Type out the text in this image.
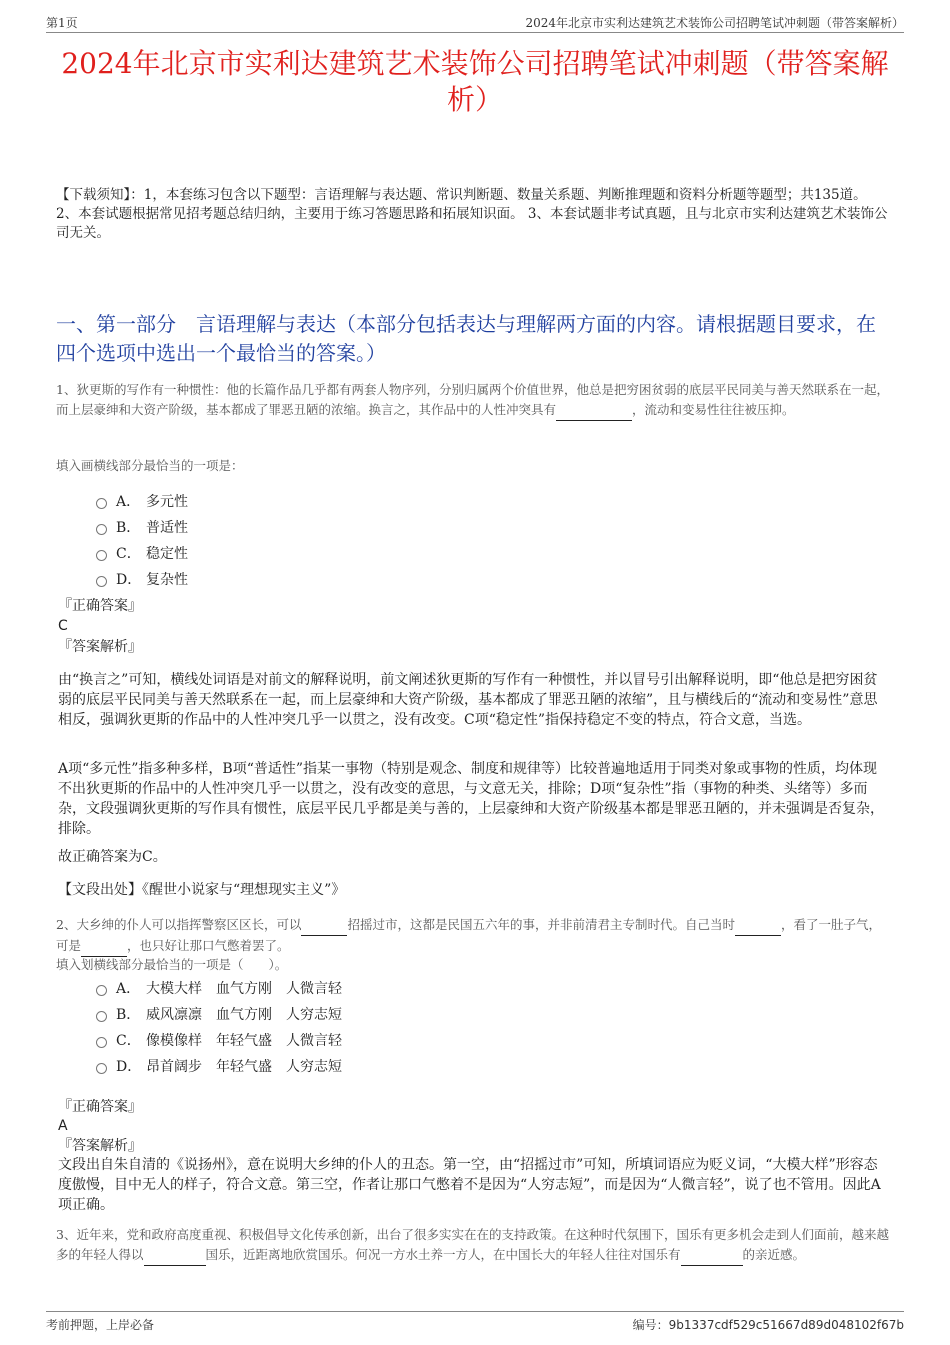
第1页	2024年北京市实利达建筑艺术装饰公司招聘笔试冲刺题（带答案解析）
2024年北京市实利达建筑艺术装饰公司招聘笔试冲刺题（带答案解析）
【下载须知】：1，本套练习包含以下题型：言语理解与表达题、常识判断题、数量关系题、判断推理题和资料分析题等题型；共135道。 2、本套试题根据常见招考题总结归纳，主要用于练习答题思路和拓展知识面。 3、本套试题非考试真题，且与北京市实利达建筑艺术装饰公司无关。
一、第一部分　言语理解与表达（本部分包括表达与理解两方面的内容。请根据题目要求，在四个选项中选出一个最恰当的答案。）
1、狄更斯的写作有一种惯性：他的长篇作品几乎都有两套人物序列，分别归属两个价值世界，他总是把穷困贫弱的底层平民同美与善天然联系在一起，而上层豪绅和大资产阶级，基本都成了罪恶丑陋的浓缩。换言之，其作品中的人性冲突具有	，流动和变易性往往被压抑。
填入画横线部分最恰当的一项是：
A． 多元性
B． 普适性
C． 稳定性
D． 复杂性
『正确答案』
C
『答案解析』
由“换言之”可知，横线处词语是对前文的解释说明，前文阐述狄更斯的写作有一种惯性，并以冒号引出解释说明，即“他总是把穷困贫弱的底层平民同美与善天然联系在一起，而上层豪绅和大资产阶级，基本都成了罪恶丑陋的浓缩”，且与横线后的“流动和变易性”意思相反，强调狄更斯的作品中的人性冲突几乎一以贯之，没有改变。C项“稳定性”指保持稳定不变的特点，符合文意，当选。
A项“多元性”指多种多样，B项“普适性”指某一事物（特别是观念、制度和规律等）比较普遍地适用于同类对象或事物的性质，均体现不出狄更斯的作品中的人性冲突几乎一以贯之，没有改变的意思，与文意无关，排除；D项“复杂性”指（事物的种类、头绪等）多而杂，文段强调狄更斯的写作具有惯性，底层平民几乎都是美与善的，上层豪绅和大资产阶级基本都是罪恶丑陋的，并未强调是否复杂，排除。
故正确答案为C。
【文段出处】《醒世小说家与“理想现实主义”》
2、大乡绅的仆人可以指挥警察区区长，可以	招摇过市，这都是民国五六年的事，并非前清君主专制时代。自己当时	，看了一肚子气，可是	，也只好让那口气憋着罢了。
填入划横线部分最恰当的一项是（　　）。
A． 大模大样　血气方刚　人微言轻
B． 威风凛凛　血气方刚　人穷志短
C． 像模像样　年轻气盛　人微言轻
D． 昂首阔步　年轻气盛　人穷志短
『正确答案』
A
『答案解析』
文段出自朱自清的《说扬州》，意在说明大乡绅的仆人的丑态。第一空，由“招摇过市”可知，所填词语应为贬义词，“大模大样”形容态度傲慢，目中无人的样子，符合文意。第三空，作者让那口气憋着不是因为“人穷志短”，而是因为“人微言轻”，说了也不管用。因此A项正确。
3、近年来，党和政府高度重视、积极倡导文化传承创新，出台了很多实实在在的支持政策。在这种时代氛围下，国乐有更多机会走到人们面前，越来越多的年轻人得以	国乐，近距离地欣赏国乐。何况一方水土养一方人，在中国长大的年轻人往往对国乐有	的亲近感。
考前押题，上岸必备	编号：9b1337cdf529c51667d89d048102f67b
